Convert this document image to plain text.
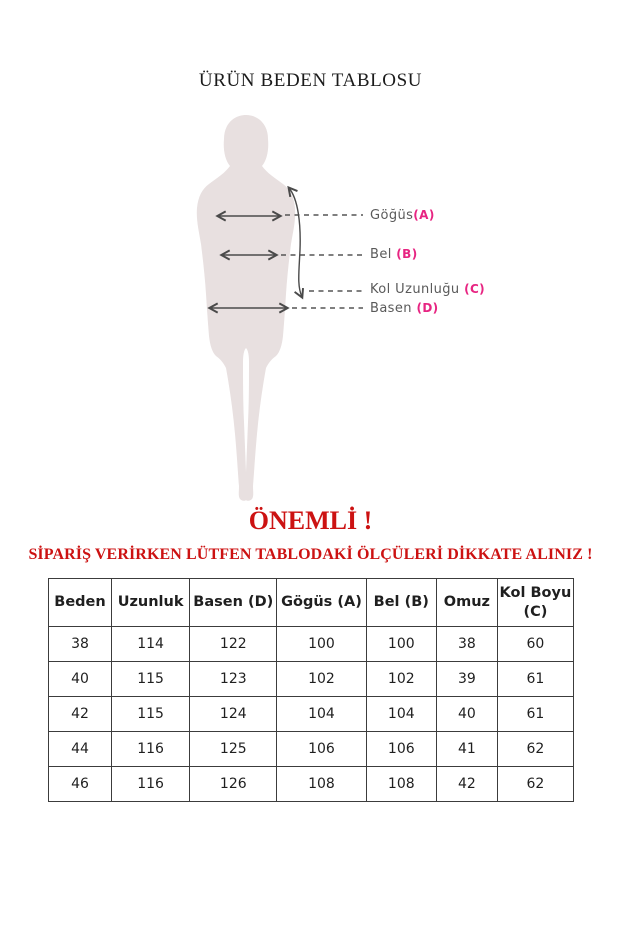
ÜRÜN BEDEN TABLOSU
Göğüs(A)
Bel (B)
Kol Uzunluğu (C)
Basen (D)
ÖNEMLİ !
SİPARİŞ VERİRKEN LÜTFEN TABLODAKİ ÖLÇÜLERİ DİKKATE ALINIZ !
Beden	Uzunluk	Basen (D)	Gögüs (A)	Bel (B)	Omuz	Kol Boyu (C)
38	114	122	100	100	38	60
40	115	123	102	102	39	61
42	115	124	104	104	40	61
44	116	125	106	106	41	62
46	116	126	108	108	42	62
